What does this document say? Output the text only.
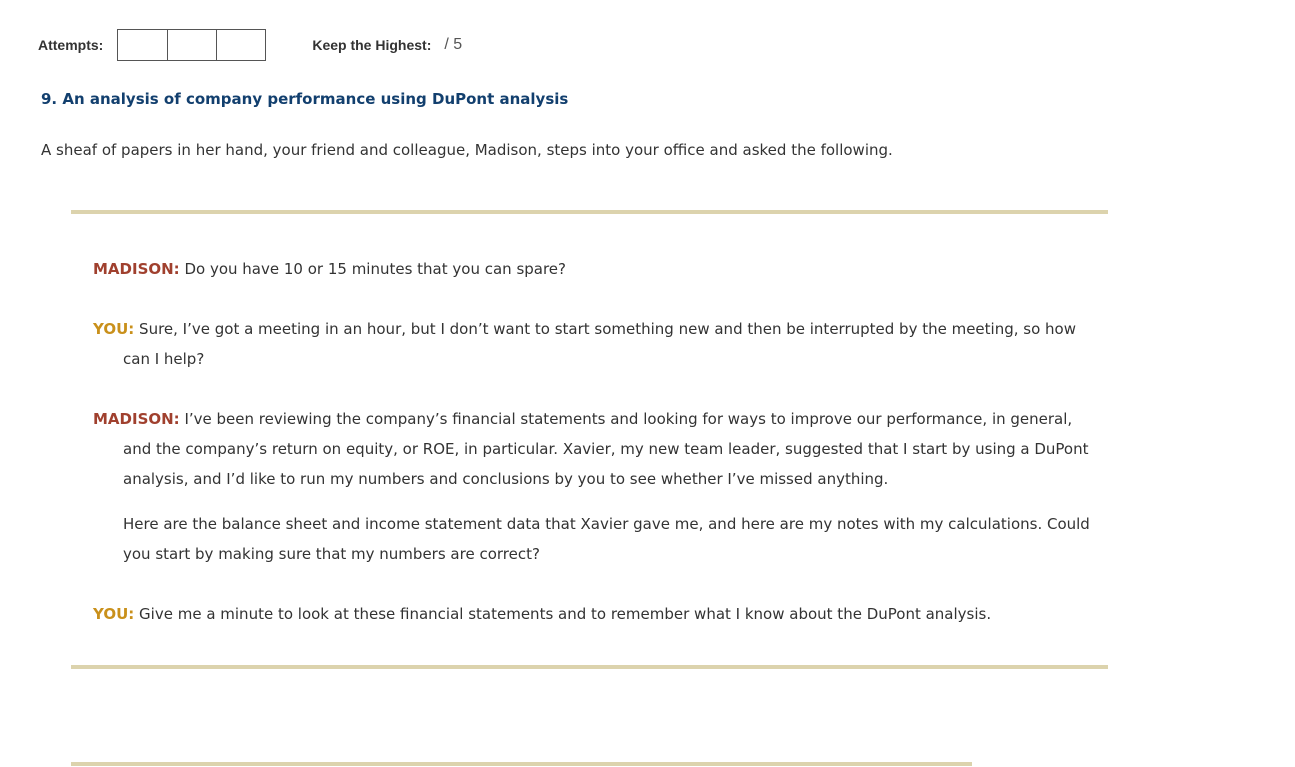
Attempts:	Keep the Highest: / 5
9. An analysis of company performance using DuPont analysis

A sheaf of papers in her hand, your friend and colleague, Madison, steps into your office and asked the following.

MADISON: Do you have 10 or 15 minutes that you can spare?

YOU: Sure, I’ve got a meeting in an hour, but I don’t want to start something new and then be interrupted by the meeting, so how can I help?

MADISON: I’ve been reviewing the company’s financial statements and looking for ways to improve our performance, in general, and the company’s return on equity, or ROE, in particular. Xavier, my new team leader, suggested that I start by using a DuPont analysis, and I’d like to run my numbers and conclusions by you to see whether I’ve missed anything.

Here are the balance sheet and income statement data that Xavier gave me, and here are my notes with my calculations. Could you start by making sure that my numbers are correct?

YOU: Give me a minute to look at these financial statements and to remember what I know about the DuPont analysis.
